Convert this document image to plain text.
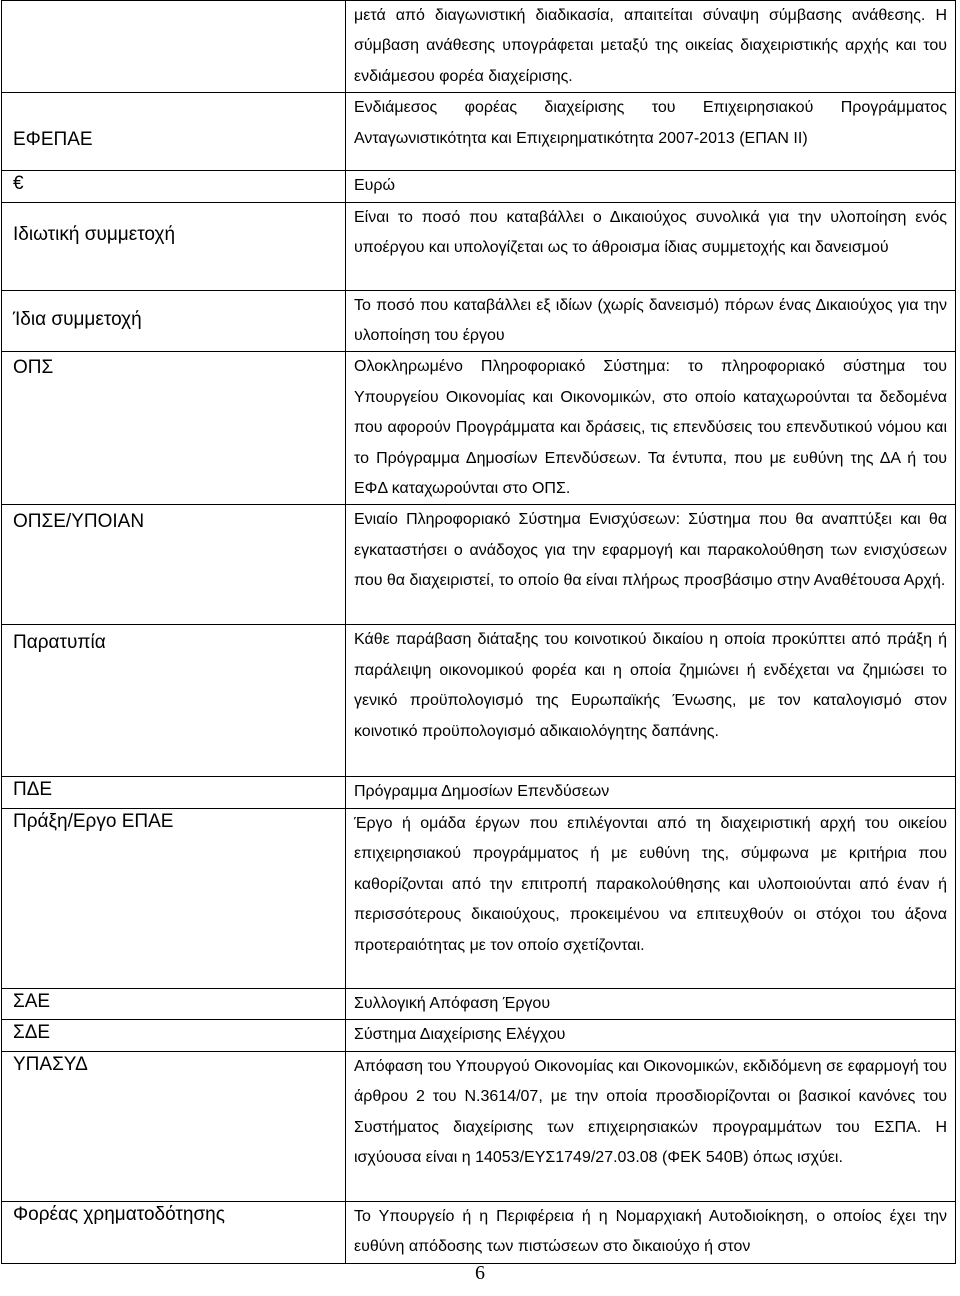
	μετά από διαγωνιστική διαδικασία, απαιτείται σύναψη σύμβασης ανάθεσης. Η σύμβαση ανάθεσης υπογράφεται μεταξύ της οικείας διαχειριστικής αρχής και του ενδιάμεσου φορέα διαχείρισης.

ΕΦΕΠΑΕ	Ενδιάμεσος φορέας διαχείρισης του Επιχειρησιακού Προγράμματος Ανταγωνιστικότητα και Επιχειρηματικότητα 2007-2013 (ΕΠΑΝ ΙΙ)

€	Ευρώ

Ιδιωτική συμμετοχή	Είναι το ποσό που καταβάλλει ο Δικαιούχος συνολικά για την υλοποίηση ενός υποέργου και υπολογίζεται ως το άθροισμα ίδιας συμμετοχής και δανεισμού

Ίδια συμμετοχή	Το ποσό που καταβάλλει εξ ιδίων (χωρίς δανεισμό) πόρων ένας Δικαιούχος για την υλοποίηση του έργου

ΟΠΣ	Ολοκληρωμένο Πληροφοριακό Σύστημα: το πληροφοριακό σύστημα του Υπουργείου Οικονομίας και Οικονομικών, στο οποίο καταχωρούνται τα δεδομένα που αφορούν Προγράμματα και δράσεις, τις επενδύσεις του επενδυτικού νόμου και το Πρόγραμμα Δημοσίων Επενδύσεων. Τα έντυπα, που με ευθύνη της ΔΑ ή του ΕΦΔ καταχωρούνται στο ΟΠΣ.

ΟΠΣΕ/ΥΠΟΙΑΝ	Ενιαίο Πληροφοριακό Σύστημα Ενισχύσεων: Σύστημα που θα αναπτύξει και θα εγκαταστήσει ο ανάδοχος για την εφαρμογή και παρακολούθηση των ενισχύσεων που θα διαχειριστεί, το οποίο θα είναι πλήρως προσβάσιμο στην Αναθέτουσα Αρχή.

Παρατυπία	Κάθε παράβαση διάταξης του κοινοτικού δικαίου η οποία προκύπτει από πράξη ή παράλειψη οικονομικού φορέα και η οποία ζημιώνει ή ενδέχεται να ζημιώσει το γενικό προϋπολογισμό της Ευρωπαϊκής Ένωσης, με τον καταλογισμό στον κοινοτικό προϋπολογισμό αδικαιολόγητης δαπάνης.

ΠΔΕ	Πρόγραμμα Δημοσίων Επενδύσεων

Πράξη/Εργο ΕΠΑΕ	Έργο ή ομάδα έργων που επιλέγονται από τη διαχειριστική αρχή του οικείου επιχειρησιακού προγράμματος ή με ευθύνη της, σύμφωνα με κριτήρια που καθορίζονται από την επιτροπή παρακολούθησης και υλοποιούνται από έναν ή περισσότερους δικαιούχους, προκειμένου να επιτευχθούν οι στόχοι του άξονα προτεραιότητας με τον οποίο σχετίζονται.

ΣΑΕ	Συλλογική Απόφαση Έργου

ΣΔΕ	Σύστημα Διαχείρισης Ελέγχου

ΥΠΑΣΥΔ	Απόφαση του Υπουργού Οικονομίας και Οικονομικών, εκδιδόμενη σε εφαρμογή του άρθρου 2 του Ν.3614/07, με την οποία προσδιορίζονται οι βασικοί κανόνες του Συστήματος διαχείρισης των επιχειρησιακών προγραμμάτων του ΕΣΠΑ. Η ισχύουσα είναι η 14053/ΕΥΣ1749/27.03.08 (ΦΕΚ 540Β) όπως ισχύει.

Φορέας χρηματοδότησης	Το Υπουργείο ή η Περιφέρεια ή η Νομαρχιακή Αυτοδιοίκηση, ο οποίος έχει την ευθύνη απόδοσης των πιστώσεων στο δικαιούχο ή στον
6
